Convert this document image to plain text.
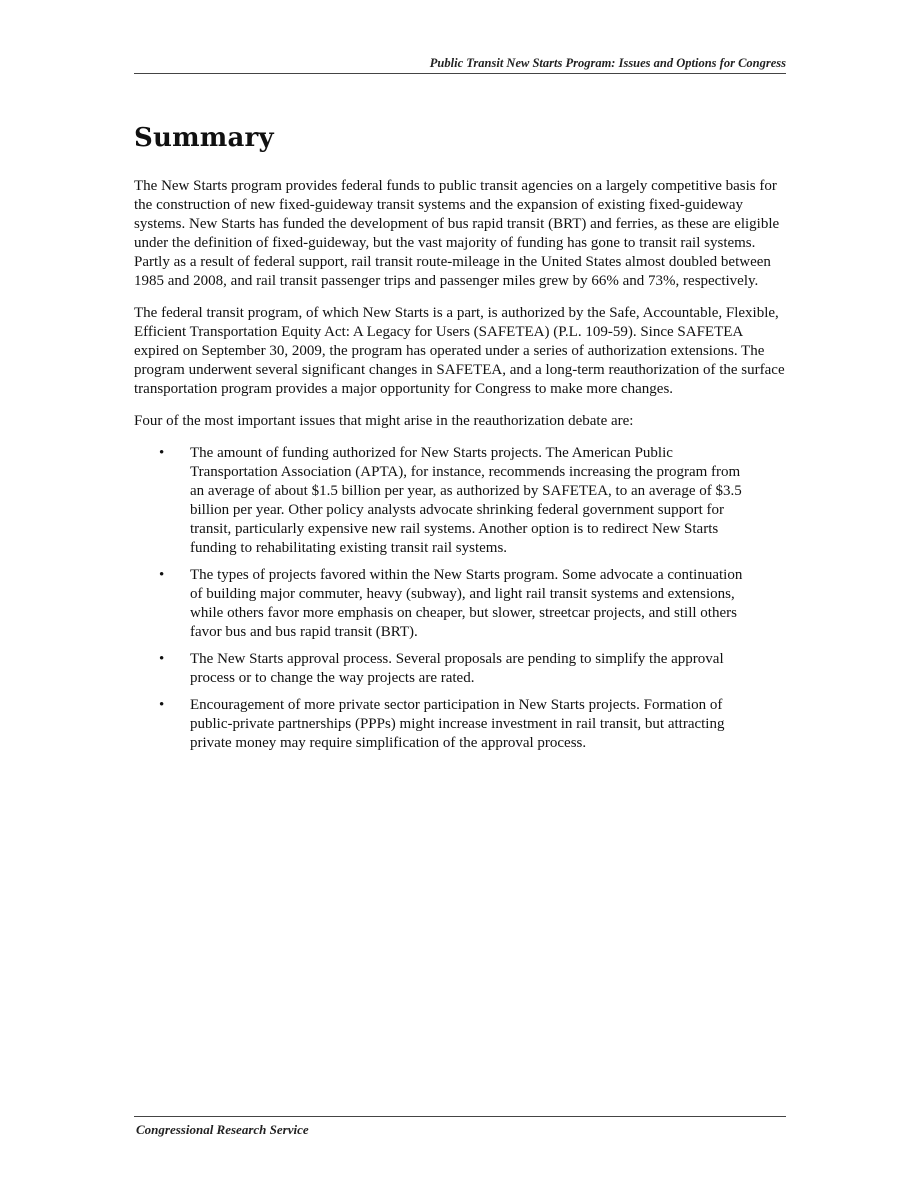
Public Transit New Starts Program: Issues and Options for Congress
Summary

The New Starts program provides federal funds to public transit agencies on a largely competitive basis for the construction of new fixed-guideway transit systems and the expansion of existing fixed-guideway systems. New Starts has funded the development of bus rapid transit (BRT) and ferries, as these are eligible under the definition of fixed-guideway, but the vast majority of funding has gone to transit rail systems. Partly as a result of federal support, rail transit route-mileage in the United States almost doubled between 1985 and 2008, and rail transit passenger trips and passenger miles grew by 66% and 73%, respectively.

The federal transit program, of which New Starts is a part, is authorized by the Safe, Accountable, Flexible, Efficient Transportation Equity Act: A Legacy for Users (SAFETEA) (P.L. 109-59). Since SAFETEA expired on September 30, 2009, the program has operated under a series of authorization extensions. The program underwent several significant changes in SAFETEA, and a long-term reauthorization of the surface transportation program provides a major opportunity for Congress to make more changes.

Four of the most important issues that might arise in the reauthorization debate are:

• The amount of funding authorized for New Starts projects. The American Public Transportation Association (APTA), for instance, recommends increasing the program from an average of about $1.5 billion per year, as authorized by SAFETEA, to an average of $3.5 billion per year. Other policy analysts advocate shrinking federal government support for transit, particularly expensive new rail systems. Another option is to redirect New Starts funding to rehabilitating existing transit rail systems.
• The types of projects favored within the New Starts program. Some advocate a continuation of building major commuter, heavy (subway), and light rail transit systems and extensions, while others favor more emphasis on cheaper, but slower, streetcar projects, and still others favor bus and bus rapid transit (BRT).
• The New Starts approval process. Several proposals are pending to simplify the approval process or to change the way projects are rated.
• Encouragement of more private sector participation in New Starts projects. Formation of public-private partnerships (PPPs) might increase investment in rail transit, but attracting private money may require simplification of the approval process.
Congressional Research Service
